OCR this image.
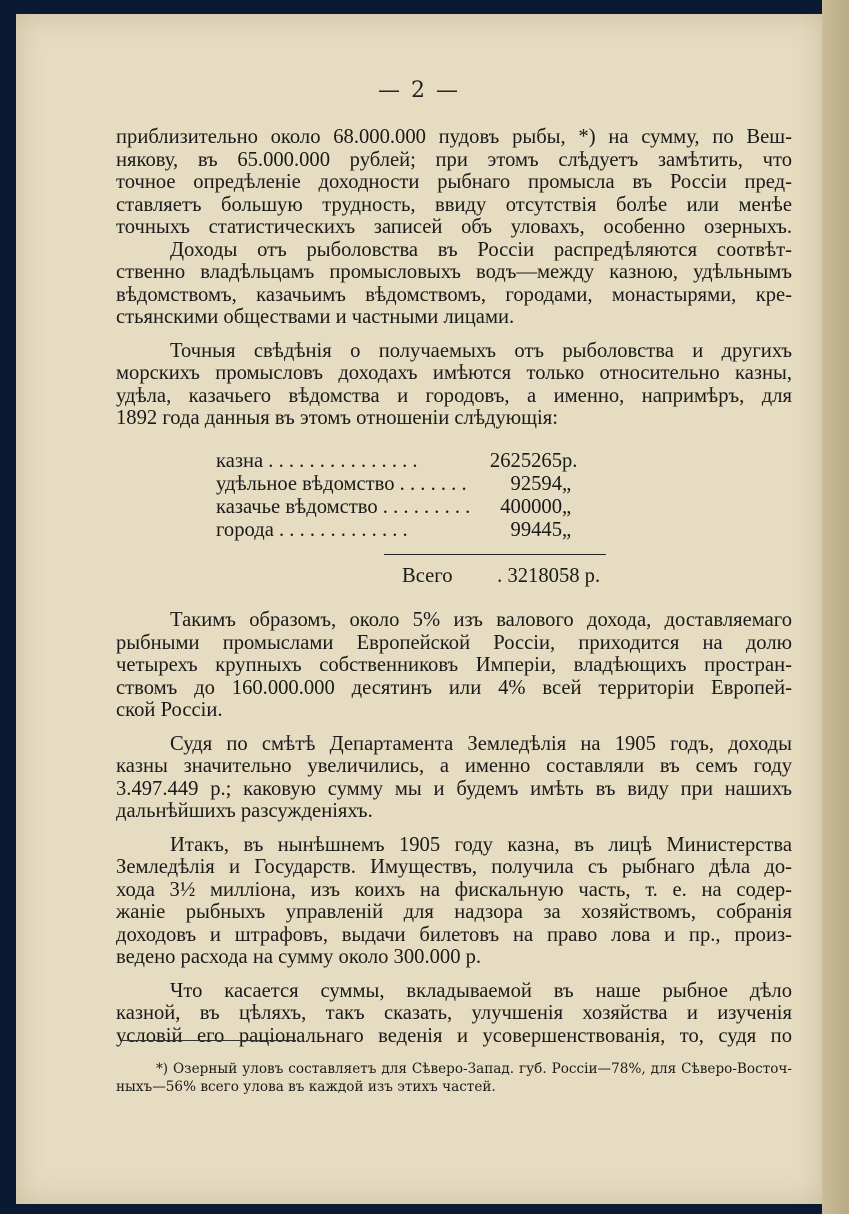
— 2 —

приблизительно около 68.000.000 пудовъ рыбы, *) на сумму, по Веш-
някову, въ 65.000.000 рублей; при этомъ слѣдуетъ замѣтить, что
точное опредѣленіе доходности рыбнаго промысла въ Россіи пред-
ставляетъ большую трудность, ввиду отсутствія болѣе или менѣе
точныхъ статистическихъ записей объ уловахъ, особенно озерныхъ.

Доходы отъ рыболовства въ Россіи распредѣляются соотвѣт-
ственно владѣльцамъ промысловыхъ водъ—между казною, удѣльнымъ
вѣдомствомъ, казачьимъ вѣдомствомъ, городами, монастырями, кре-
стьянскими обществами и частными лицами.

Точныя свѣдѣнія о получаемыхъ отъ рыболовства и другихъ
морскихъ промысловъ доходахъ имѣются только относительно казны,
удѣла, казачьего вѣдомства и городовъ, а именно, напримѣръ, для
1892 года данныя въ этомъ отношеніи слѣдующія:

казна . . . . . . . . . . . . . . .	2625265	р.
удѣльное вѣдомство . . . . . . .	92594	„
казачье вѣдомство . . . . . . . . .	400000	„
города . . . . . . . . . . . . .	99445	„
Всего . 3218058 р.

Такимъ образомъ, около 5% изъ валового дохода, доставляемаго
рыбными промыслами Европейской Россіи, приходится на долю
четырехъ крупныхъ собственниковъ Имперіи, владѣющихъ простран-
ствомъ до 160.000.000 десятинъ или 4% всей территоріи Европей-
ской Россіи.

Судя по смѣтѣ Департамента Земледѣлія на 1905 годъ, доходы
казны значительно увеличились, а именно составляли въ семъ году
3.497.449 р.; каковую сумму мы и будемъ имѣть въ виду при нашихъ
дальнѣйшихъ разсужденіяхъ.

Итакъ, въ нынѣшнемъ 1905 году казна, въ лицѣ Министерства
Земледѣлія и Государств. Имуществъ, получила съ рыбнаго дѣла до-
хода 3½ милліона, изъ коихъ на фискальную часть, т. е. на содер-
жаніе рыбныхъ управленій для надзора за хозяйствомъ, собранія
доходовъ и штрафовъ, выдачи билетовъ на право лова и пр., произ-
ведено расхода на сумму около 300.000 р.

Что касается суммы, вкладываемой въ наше рыбное дѣло
казной, въ цѣляхъ, такъ сказать, улучшенія хозяйства и изученія
условій его раціональнаго веденія и усовершенствованія, то, судя по

*) Озерный уловъ составляетъ для Сѣверо-Запад. губ. Россіи—78%, для Сѣверо-Восточ-
ныхъ—56% всего улова въ каждой изъ этихъ частей.
